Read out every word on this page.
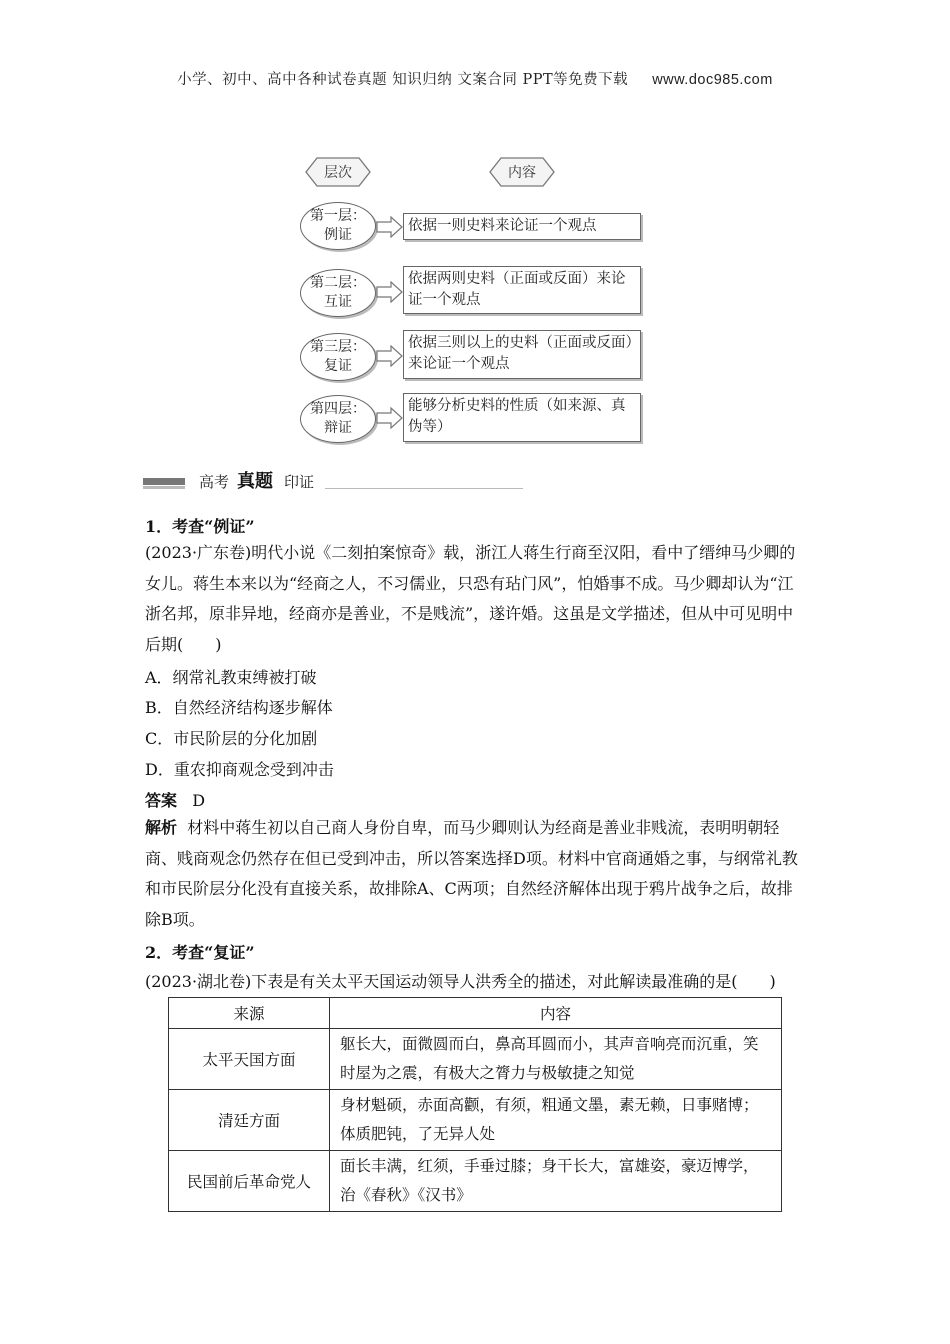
小学、初中、高中各种试卷真题 知识归纳 文案合同 PPT等免费下载 www.doc985.com
层次	内容
第一层：
例证
依据一则史料来论证一个观点
第二层：
互证
依据两则史料（正面或反面）来论证一个观点
第三层：
复证
依据三则以上的史料（正面或反面）来论证一个观点
第四层：
辩证
能够分析史料的性质（如来源、真伪等）
高考 真题 印证
1．考查“例证”
(2023·广东卷)明代小说《二刻拍案惊奇》载，浙江人蒋生行商至汉阳，看中了缙绅马少卿的女儿。蒋生本来以为“经商之人，不习儒业，只恐有玷门风”，怕婚事不成。马少卿却认为“江浙名邦，原非异地，经商亦是善业，不是贱流”，遂许婚。这虽是文学描述，但从中可见明中后期(　　)
A．纲常礼教束缚被打破
B．自然经济结构逐步解体
C．市民阶层的分化加剧
D．重农抑商观念受到冲击
答案 D
解析 材料中蒋生初以自己商人身份自卑，而马少卿则认为经商是善业非贱流，表明明朝轻商、贱商观念仍然存在但已受到冲击，所以答案选择D项。材料中官商通婚之事，与纲常礼教和市民阶层分化没有直接关系，故排除A、C两项；自然经济解体出现于鸦片战争之后，故排除B项。
2．考查“复证”
(2023·湖北卷)下表是有关太平天国运动领导人洪秀全的描述，对此解读最准确的是(　　)
来源	内容
太平天国方面	躯长大，面微圆而白，鼻高耳圆而小，其声音响亮而沉重，笑时屋为之震，有极大之膂力与极敏捷之知觉
清廷方面	身材魁硕，赤面高颧，有须，粗通文墨，素无赖，日事赌博；体质肥钝，了无异人处
民国前后革命党人	面长丰满，红须，手垂过膝；身干长大，富雄姿，豪迈博学，治《春秋》《汉书》
